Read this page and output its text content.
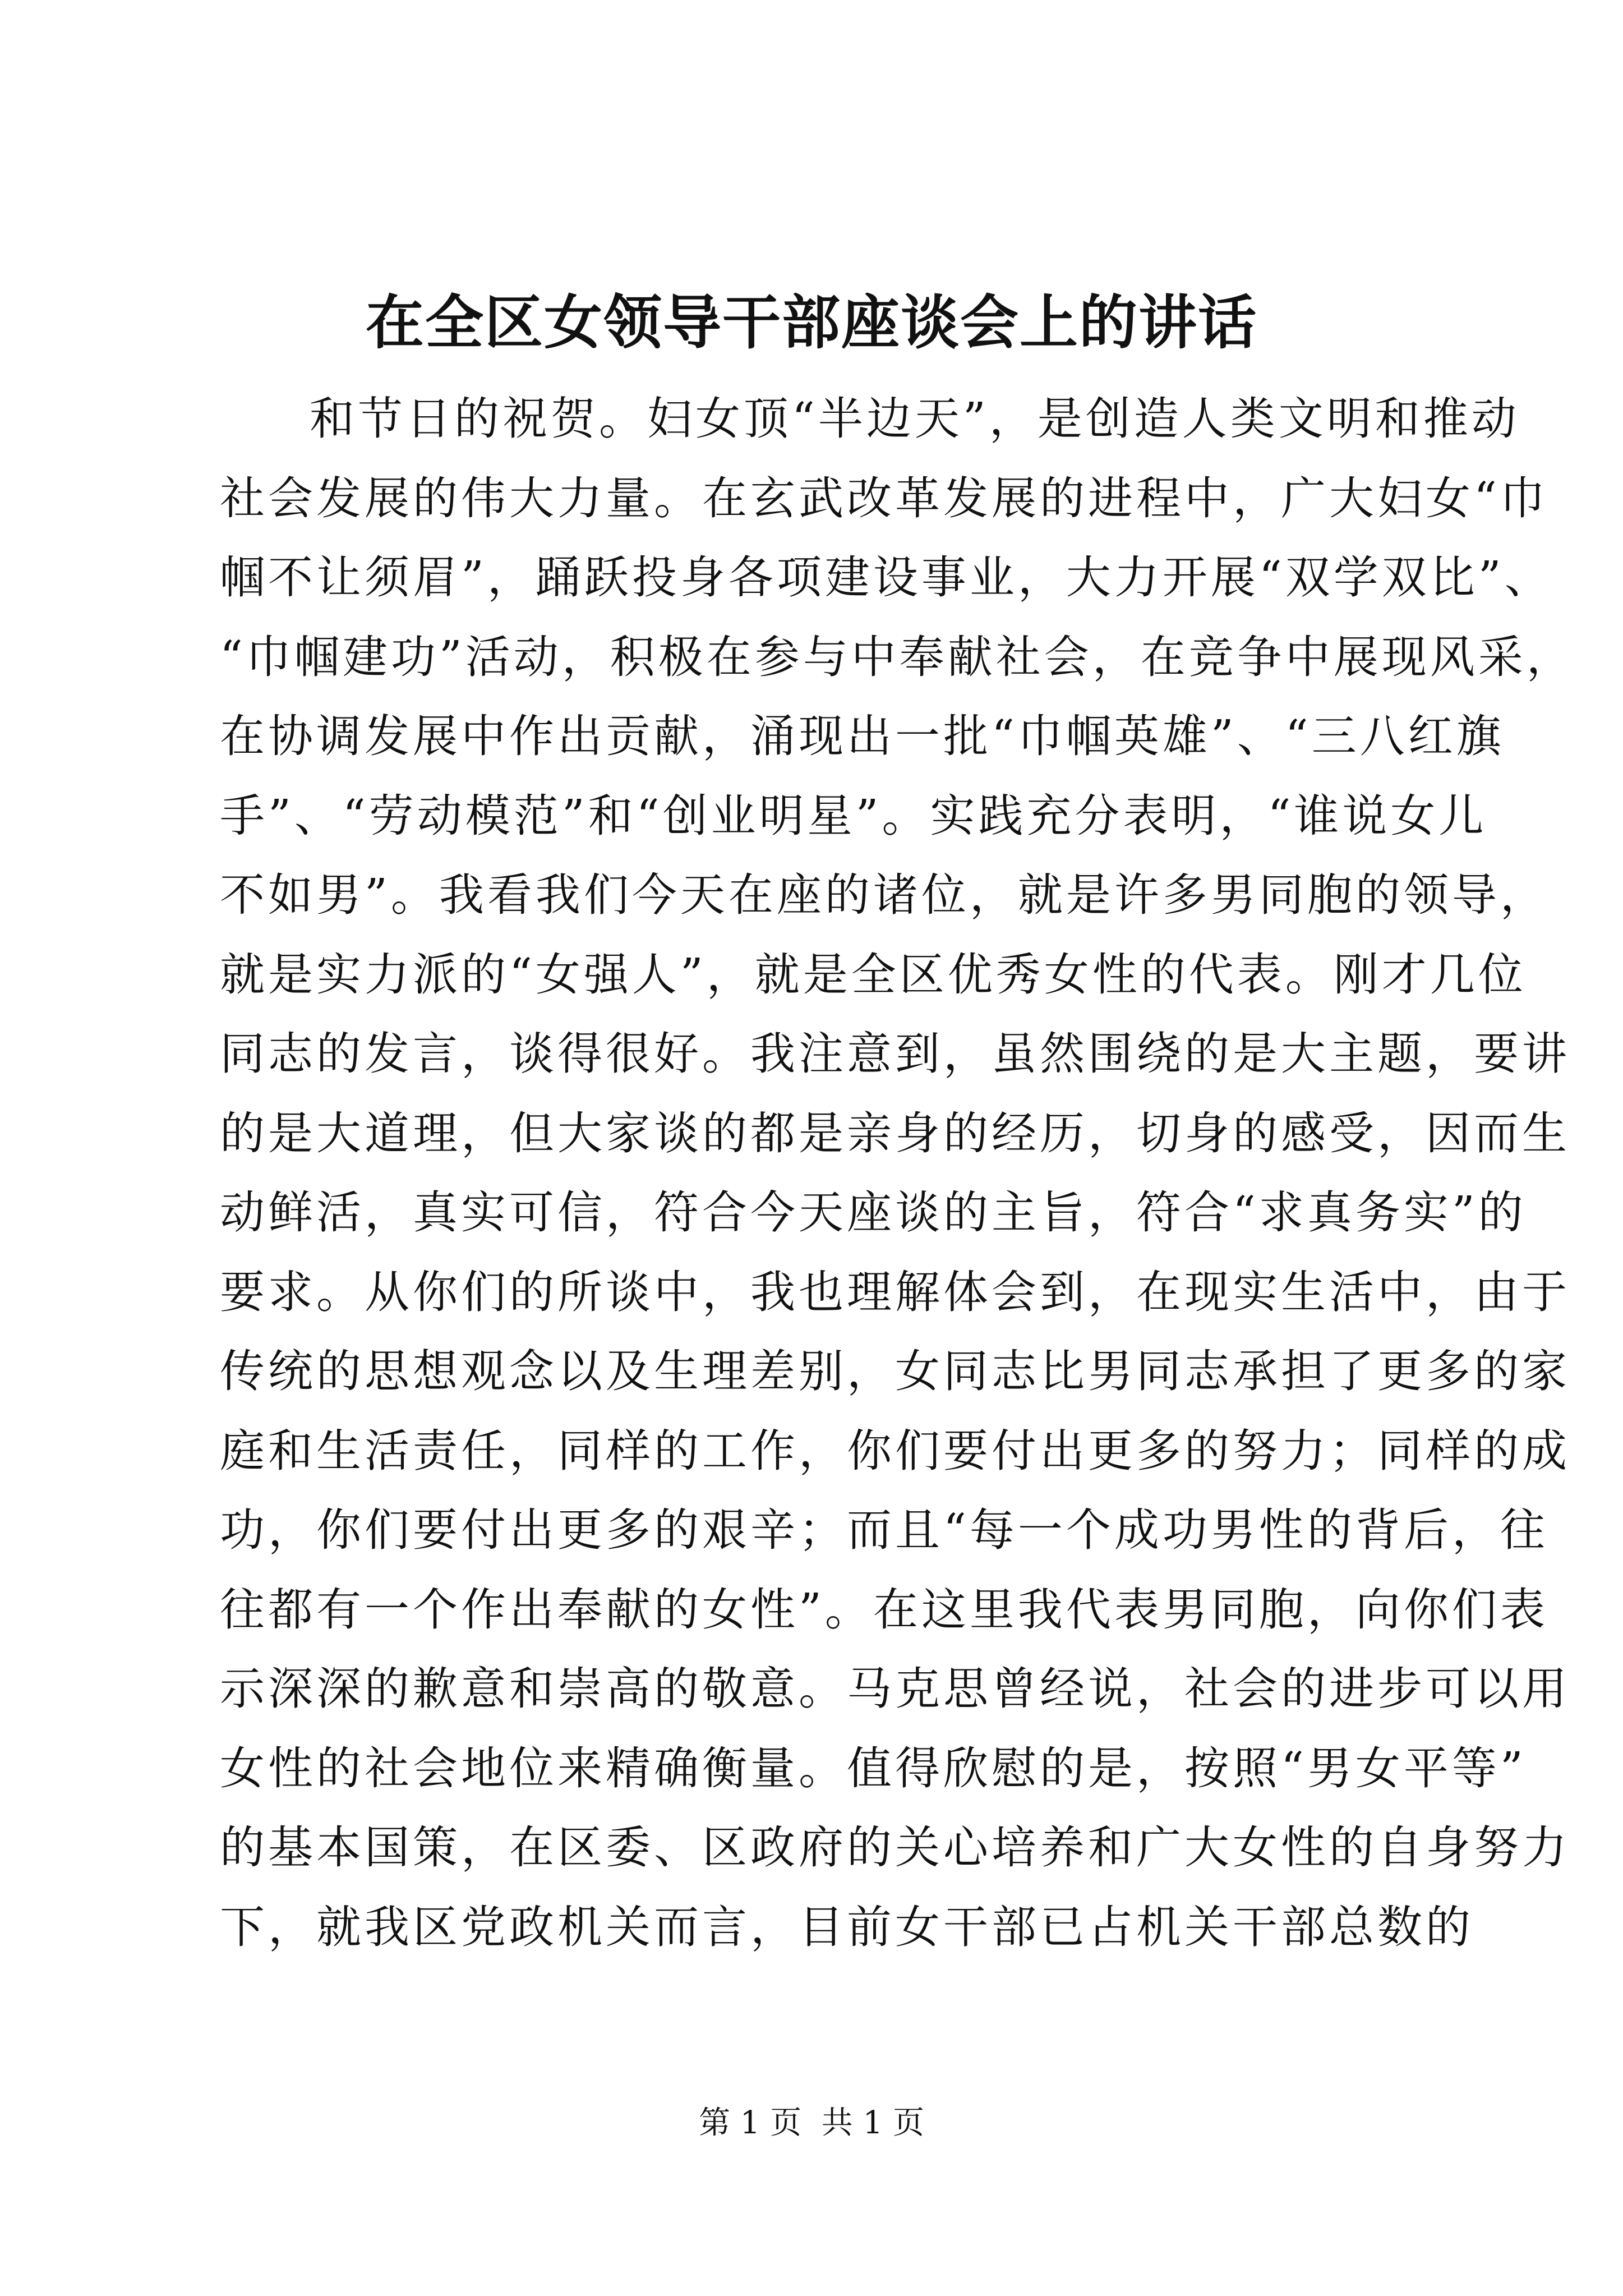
在全区女领导干部座谈会上的讲话
和节日的祝贺。妇女顶“半边天”，是创造人类文明和推动
社会发展的伟大力量。在玄武改革发展的进程中，广大妇女“巾
帼不让须眉”，踊跃投身各项建设事业，大力开展“双学双比”、
“巾帼建功”活动，积极在参与中奉献社会，在竞争中展现风采，
在协调发展中作出贡献，涌现出一批“巾帼英雄”、“三八红旗
手”、“劳动模范”和“创业明星”。实践充分表明，“谁说女儿
不如男”。我看我们今天在座的诸位，就是许多男同胞的领导，
就是实力派的“女强人”，就是全区优秀女性的代表。刚才几位
同志的发言，谈得很好。我注意到，虽然围绕的是大主题，要讲
的是大道理，但大家谈的都是亲身的经历，切身的感受，因而生
动鲜活，真实可信，符合今天座谈的主旨，符合“求真务实”的
要求。从你们的所谈中，我也理解体会到，在现实生活中，由于
传统的思想观念以及生理差别，女同志比男同志承担了更多的家
庭和生活责任，同样的工作，你们要付出更多的努力；同样的成
功，你们要付出更多的艰辛；而且“每一个成功男性的背后，往
往都有一个作出奉献的女性”。在这里我代表男同胞，向你们表
示深深的歉意和崇高的敬意。马克思曾经说，社会的进步可以用
女性的社会地位来精确衡量。值得欣慰的是，按照“男女平等”
的基本国策，在区委、区政府的关心培养和广大女性的自身努力
下，就我区党政机关而言，目前女干部已占机关干部总数的
第 1 页  共 1 页
